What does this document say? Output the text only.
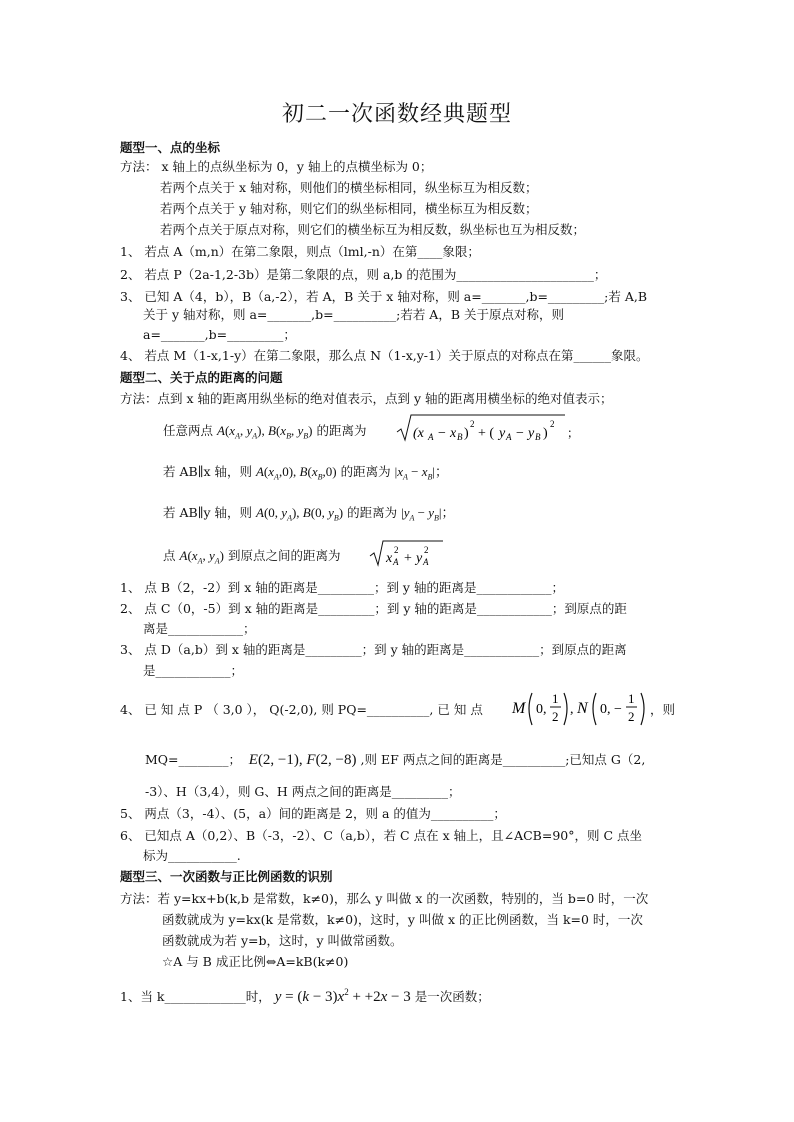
初二一次函数经典题型
题型一、点的坐标
方法： x 轴上的点纵坐标为 0，y 轴上的点横坐标为 0；
若两个点关于 x 轴对称，则他们的横坐标相同，纵坐标互为相反数；
若两个点关于 y 轴对称，则它们的纵坐标相同，横坐标互为相反数；
若两个点关于原点对称，则它们的横坐标互为相反数，纵坐标也互为相反数；
1、 若点 A（m,n）在第二象限，则点（lml,-n）在第____象限；
2、 若点 P（2a-1,2-3b）是第二象限的点，则 a,b 的范围为______________________；
3、 已知 A（4，b），B（a,-2），若 A，B 关于 x 轴对称，则 a=_______,b=_________;若 A,B
关于 y 轴对称，则 a=_______,b=__________;若若 A，B 关于原点对称，则
a=_______,b=_________；
4、 若点 M（1-x,1-y）在第二象限，那么点 N（1-x,y-1）关于原点的对称点在第______象限。
题型二、关于点的距离的问题
方法：点到 x 轴的距离用纵坐标的绝对值表示，点到 y 轴的距离用横坐标的绝对值表示；
任意两点 $A(x_A$, $y_A$), $B(x_B$, $y_B$) 的距离为	(x A − x B )
2
+ ( y A − y B )
2
；
若 AB∥x 轴，则 $A(x_A,0)$, $B(x_B,0)$ 的距离为 $|x_A - x_B|$；
若 AB∥y 轴，则 A(0, $y_A$), B(0, $y_B$) 的距离为 $|y_A - y_B|$；
点 $A(x_A$, $y_A$) 到原点之间的距离为	x A
2
+ y A
2
1、 点 B（2，-2）到 x 轴的距离是_________；到 y 轴的距离是____________；
2、 点 C（0，-5）到 x 轴的距离是_________；到 y 轴的距离是____________；到原点的距
离是____________；
3、 点 D（a,b）到 x 轴的距离是_________；到 y 轴的距离是____________；到原点的距离
是____________；
4、 已 知 点 P （ 3,0 ）， Q(-2,0), 则 PQ=__________, 已 知 点 M 0,
1
2 , N 0, −
1
2 ，则
MQ=________； E(2, −1), F(2, −8) ,则 EF 两点之间的距离是__________;已知点 G（2,
-3）、H（3,4），则 G、H 两点之间的距离是_________；
5、 两点（3，-4）、(5，a）间的距离是 2，则 a 的值为__________；
6、 已知点 A（0,2）、B（-3，-2）、C（a,b），若 C 点在 x 轴上，且∠ACB=90°，则 C 点坐
标为___________.
题型三、一次函数与正比例函数的识别
方法：若 y=kx+b(k,b 是常数，k≠0)，那么 y 叫做 x 的一次函数，特别的，当 b=0 时，一次
函数就成为 y=kx(k 是常数，k≠0)，这时，y 叫做 x 的正比例函数，当 k=0 时，一次
函数就成为若 y=b，这时，y 叫做常函数。
☆A 与 B 成正比例⇔A=kB(k≠0)
1、当 k_____________时， $y = (k - 3)x^2 + +2x - 3$ 是一次函数；
